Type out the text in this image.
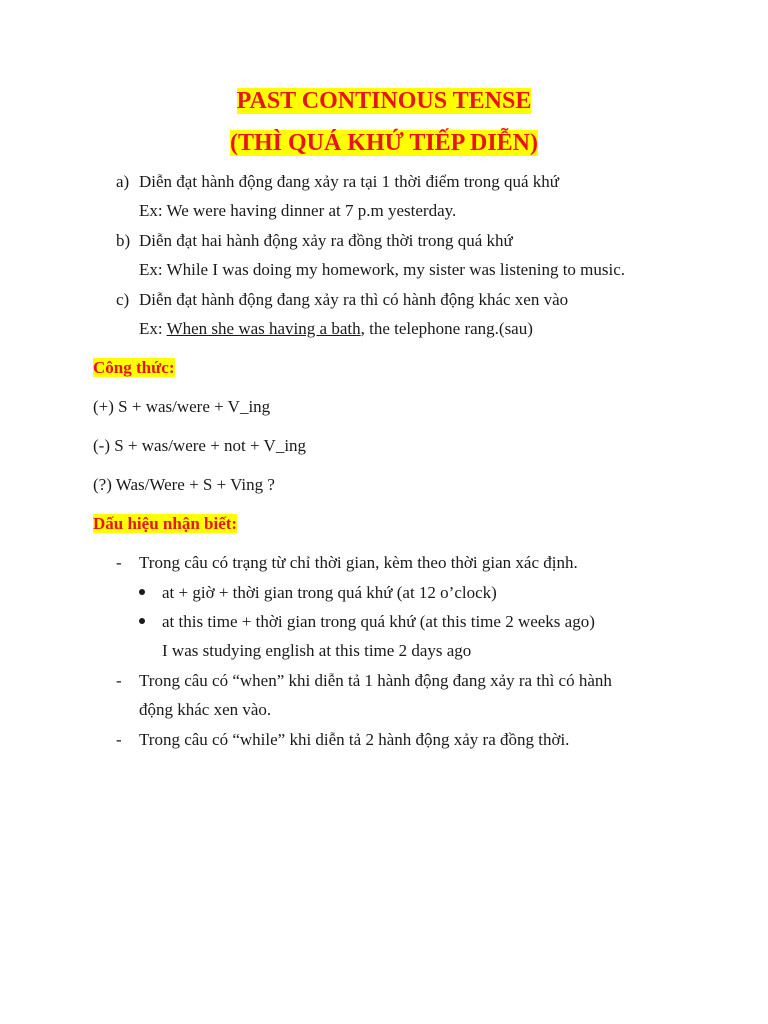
PAST CONTINOUS TENSE
(THÌ QUÁ KHỨ TIẾP DIỄN)
a) Diễn đạt hành động đang xảy ra tại 1 thời điểm trong quá khứ
Ex: We were having dinner at 7 p.m yesterday.
b) Diễn đạt hai hành động xảy ra đồng thời trong quá khứ
Ex: While I was doing my homework, my sister was listening to music.
c) Diễn đạt hành động đang xảy ra thì có hành động khác xen vào
Ex: When she was having a bath, the telephone rang.(sau)
Công thức:
(+) S + was/were + V_ing
(-) S + was/were + not + V_ing
(?) Was/Were + S + Ving ?
Dấu hiệu nhận biết:
- Trong câu có trạng từ chỉ thời gian, kèm theo thời gian xác định.
at + giờ + thời gian trong quá khứ (at 12 o’clock)
at this time + thời gian trong quá khứ (at this time 2 weeks ago)
I was studying english at this time 2 days ago
- Trong câu có “when” khi diễn tả 1 hành động đang xảy ra thì có hành
động khác xen vào.
- Trong câu có “while” khi diễn tả 2 hành động xảy ra đồng thời.
